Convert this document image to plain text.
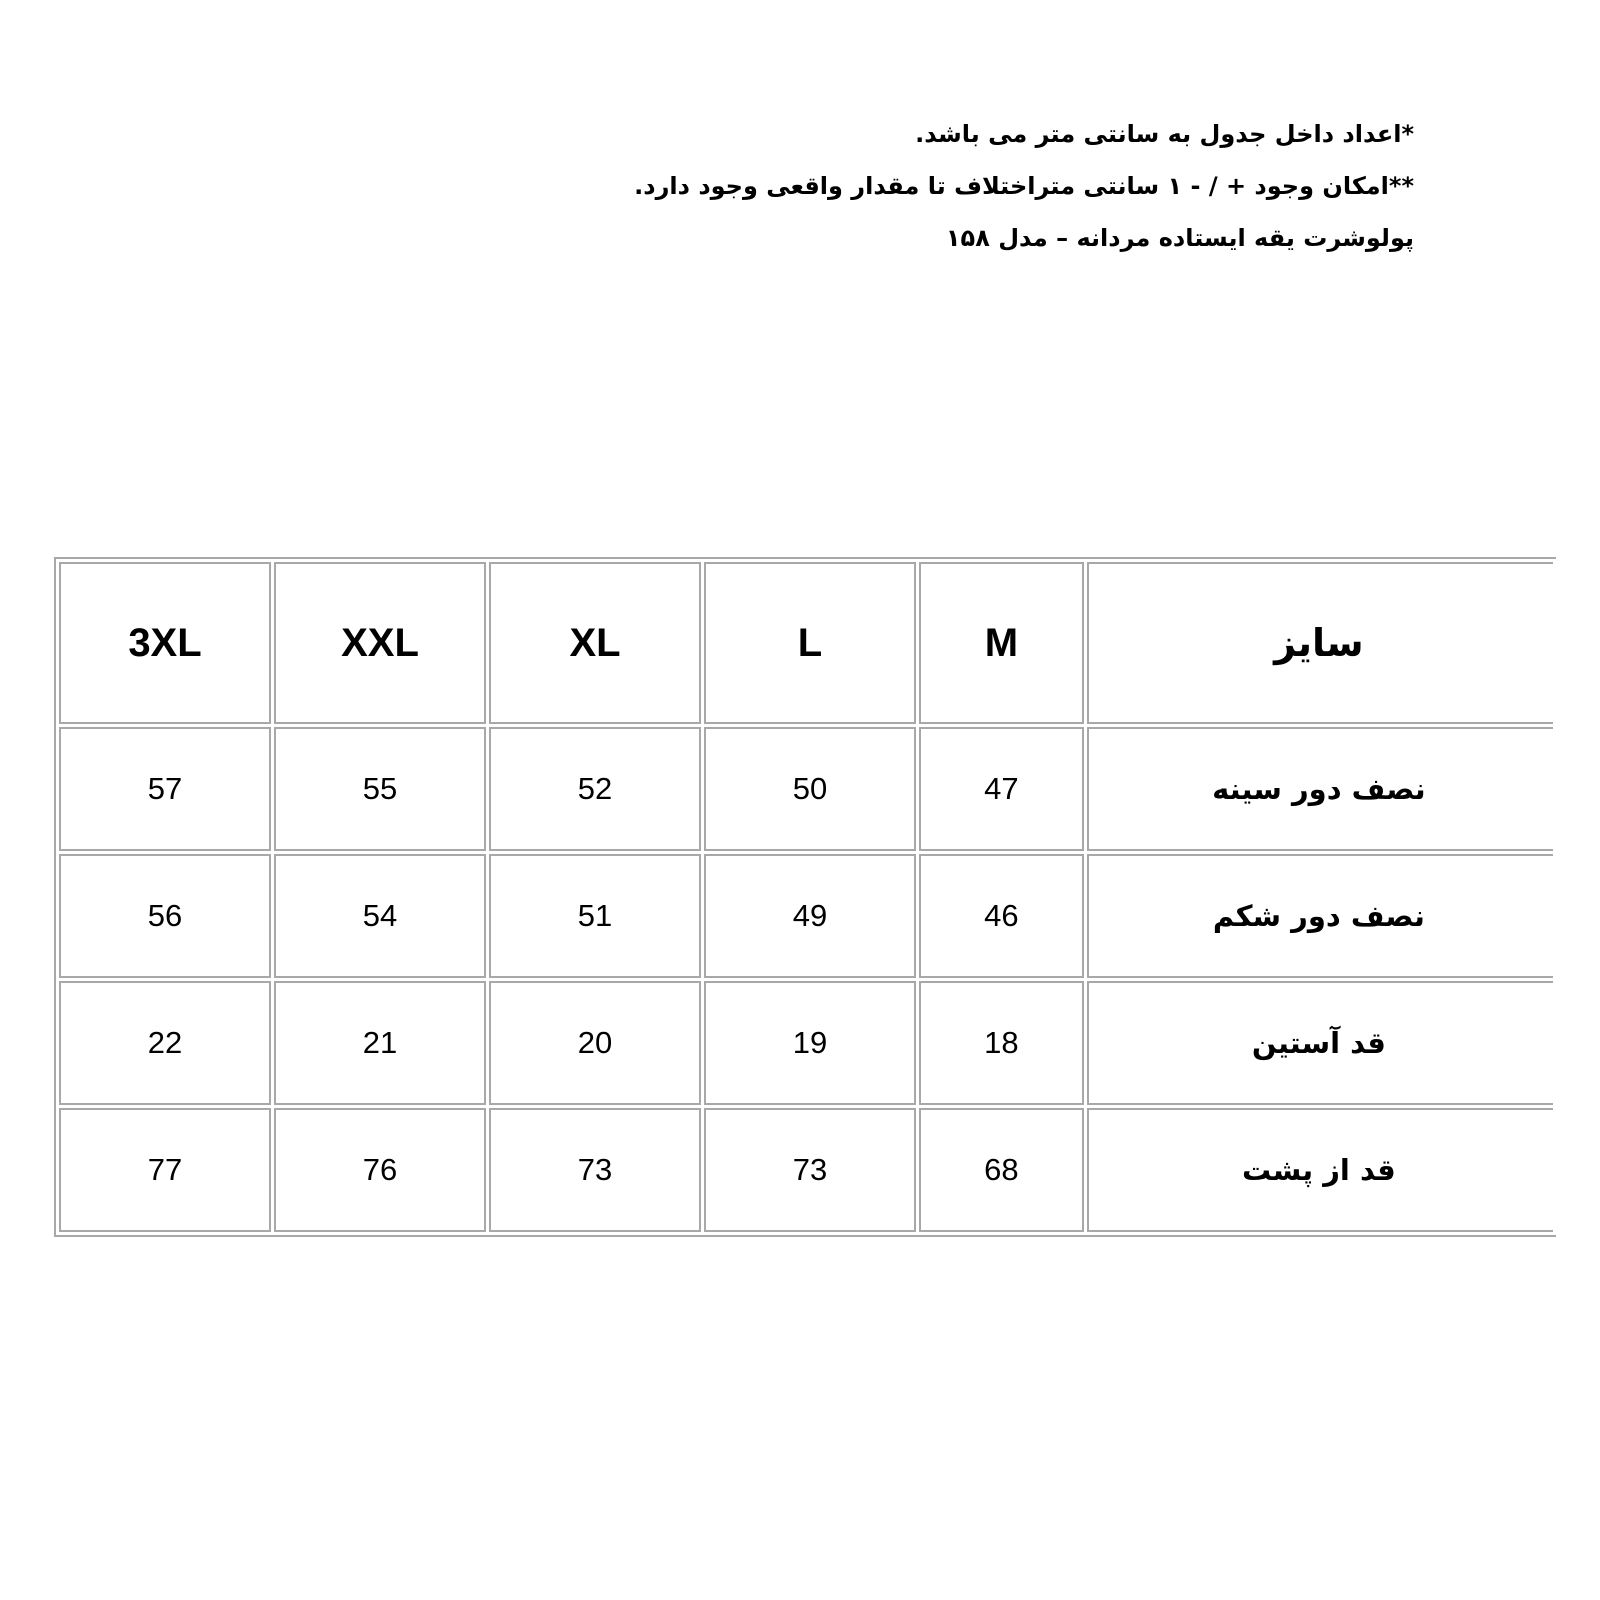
*اعداد داخل جدول به سانتی متر می باشد.
**امکان وجود + / - ۱ سانتی متراختلاف تا مقدار واقعی وجود دارد.
پولوشرت یقه ایستاده مردانه – مدل ۱۵۸
3XL	XXL	XL	L	M	سایز
57	55	52	50	47	نصف دور سینه
56	54	51	49	46	نصف دور شکم
22	21	20	19	18	قد آستین
77	76	73	73	68	قد از پشت
